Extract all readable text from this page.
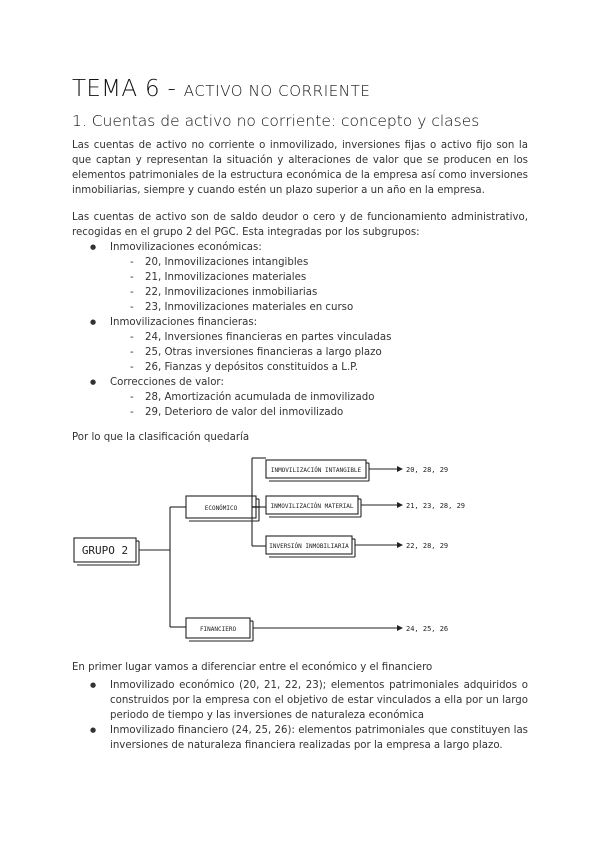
TEMA 6 - ACTIVO NO CORRIENTE
1. Cuentas de activo no corriente: concepto y clases

Las cuentas de activo no corriente o inmovilizado, inversiones fijas o activo fijo son la que captan y representan la situación y alteraciones de valor que se producen en los elementos patrimoniales de la estructura económica de la empresa así como inversiones inmobiliarias, siempre y cuando estén un plazo superior a un año en la empresa.

Las cuentas de activo son de saldo deudor o cero y de funcionamiento administrativo, recogidas en el grupo 2 del PGC. Esta integradas por los subgrupos:

● Inmovilizaciones económicas:
- 20, Inmovilizaciones intangibles
- 21, Inmovilizaciones materiales
- 22, Inmovilizaciones inmobiliarias
- 23, Inmovilizaciones materiales en curso
● Inmovilizaciones financieras:
- 24, Inversiones financieras en partes vinculadas
- 25, Otras inversiones financieras a largo plazo
- 26, Fianzas y depósitos constituidos a L.P.
● Correcciones de valor:
- 28, Amortización acumulada de inmovilizado
- 29, Deterioro de valor del inmovilizado

Por lo que la clasificación quedaría

GRUPO 2
ECONÓMICO
FINANCIERO
INMOVILIZACIÓN INTANGIBLE
INMOVILIZACIÓN MATERIAL
INVERSIÓN INMOBILIARIA
20, 28, 29
21, 23, 28, 29
22, 28, 29
24, 25, 26

En primer lugar vamos a diferenciar entre el económico y el financiero

● Inmovilizado económico (20, 21, 22, 23); elementos patrimoniales adquiridos o construidos por la empresa con el objetivo de estar vinculados a ella por un largo periodo de tiempo y las inversiones de naturaleza económica
● Inmovilizado financiero (24, 25, 26): elementos patrimoniales que constituyen las inversiones de naturaleza financiera realizadas por la empresa a largo plazo.
